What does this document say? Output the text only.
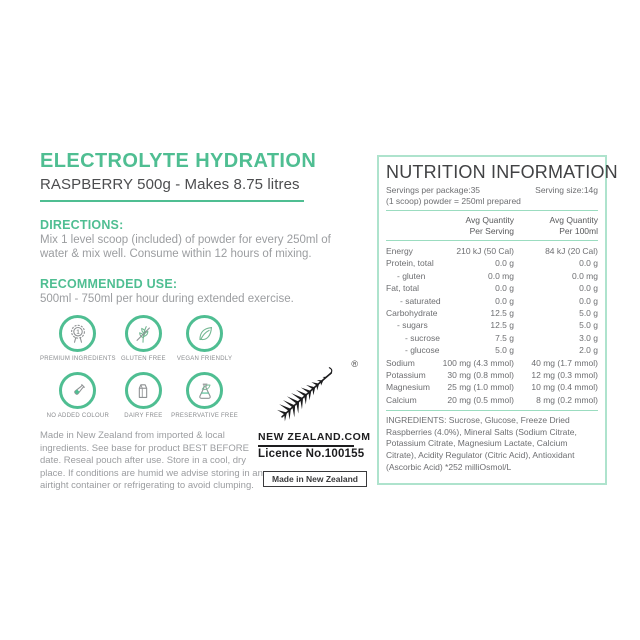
ELECTROLYTE HYDRATION
RASPBERRY 500g - Makes 8.75 litres
DIRECTIONS:
Mix 1 level scoop (included) of powder for every 250ml of water & mix well. Consume within 12 hours of mixing.
RECOMMENDED USE:
500ml - 750ml per hour during extended exercise.
1
PREMIUM INGREDIENTS GLUTEN FREE VEGAN FRIENDLY
NO ADDED COLOUR	DAIRY FREE PRESERVATIVE FREE
Made in New Zealand from imported & local ingredients. See base for product BEST BEFORE date. Reseal pouch after use. Store in a cool, dry place. If conditions are humid we advise storing in an airtight container or refrigerating to avoid clumping.
®
NEW ZEALAND.COM
Licence No.100155
Made in New Zealand
NUTRITION INFORMATION
Servings per package:35	Serving size:14g
(1 scoop) powder = 250ml prepared
Avg Quantity
Per Serving
Avg Quantity
Per 100ml
Energy	210 kJ (50 Cal)	84 kJ (20 Cal)
Protein, total	0.0 g	0.0 g
- gluten	0.0 mg	0.0 mg
Fat, total	0.0 g	0.0 g
- saturated	0.0 g	0.0 g
Carbohydrate	12.5 g	5.0 g
- sugars	12.5 g	5.0 g
- sucrose	7.5 g	3.0 g
- glucose	5.0 g	2.0 g
Sodium	100 mg (4.3 mmol)	40 mg (1.7 mmol)
Potassium	30 mg (0.8 mmol)	12 mg (0.3 mmol)
Magnesium	25 mg (1.0 mmol)	10 mg (0.4 mmol)
Calcium	20 mg (0.5 mmol)	8 mg (0.2 mmol)
INGREDIENTS: Sucrose, Glucose, Freeze Dried Raspberries (4.0%), Mineral Salts (Sodium Citrate, Potassium Citrate, Magnesium Lactate, Calcium Citrate), Acidity Regulator (Citric Acid), Antioxidant (Ascorbic Acid) *252 milliOsmol/L
